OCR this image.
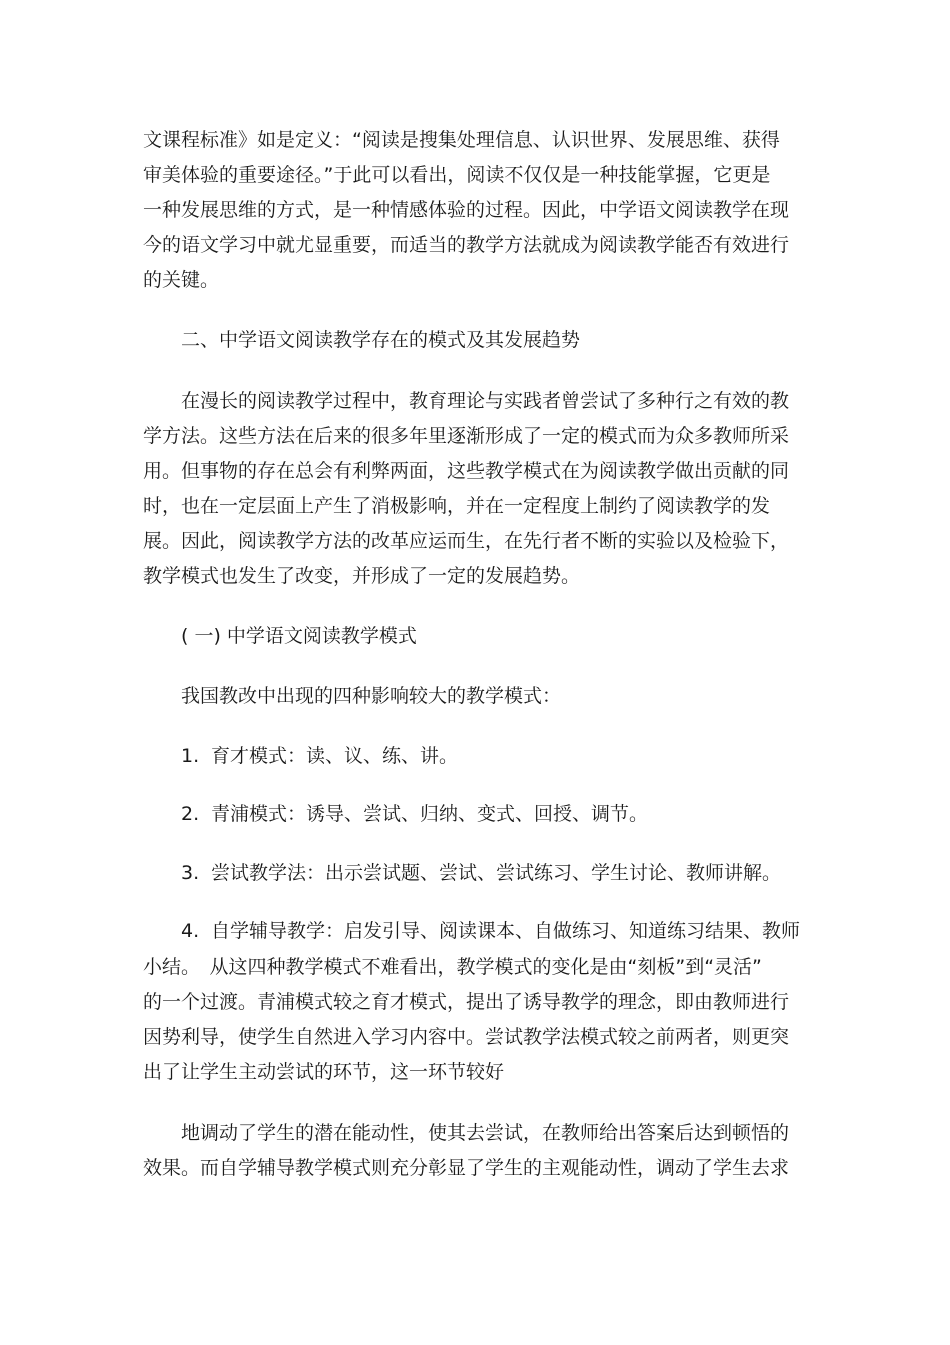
文课程标准》如是定义：“阅读是搜集处理信息、认识世界、发展思维、获得
审美体验的重要途径。”于此可以看出，阅读不仅仅是一种技能掌握，它更是
一种发展思维的方式，是一种情感体验的过程。因此，中学语文阅读教学在现
今的语文学习中就尤显重要，而适当的教学方法就成为阅读教学能否有效进行
的关键。
二、中学语文阅读教学存在的模式及其发展趋势
在漫长的阅读教学过程中，教育理论与实践者曾尝试了多种行之有效的教
学方法。这些方法在后来的很多年里逐渐形成了一定的模式而为众多教师所采
用。但事物的存在总会有利弊两面，这些教学模式在为阅读教学做出贡献的同
时，也在一定层面上产生了消极影响，并在一定程度上制约了阅读教学的发
展。因此，阅读教学方法的改革应运而生，在先行者不断的实验以及检验下，
教学模式也发生了改变，并形成了一定的发展趋势。
( 一) 中学语文阅读教学模式
我国教改中出现的四种影响较大的教学模式：
1. 育才模式：读、议、练、讲。
2. 青浦模式：诱导、尝试、归纳、变式、回授、调节。
3. 尝试教学法：出示尝试题、尝试、尝试练习、学生讨论、教师讲解。
4. 自学辅导教学：启发引导、阅读课本、自做练习、知道练习结果、教师
小结。　从这四种教学模式不难看出，教学模式的变化是由“刻板”到“灵活”
的一个过渡。青浦模式较之育才模式，提出了诱导教学的理念，即由教师进行
因势利导，使学生自然进入学习内容中。尝试教学法模式较之前两者，则更突
出了让学生主动尝试的环节，这一环节较好
地调动了学生的潜在能动性，使其去尝试，在教师给出答案后达到顿悟的
效果。而自学辅导教学模式则充分彰显了学生的主观能动性，调动了学生去求
